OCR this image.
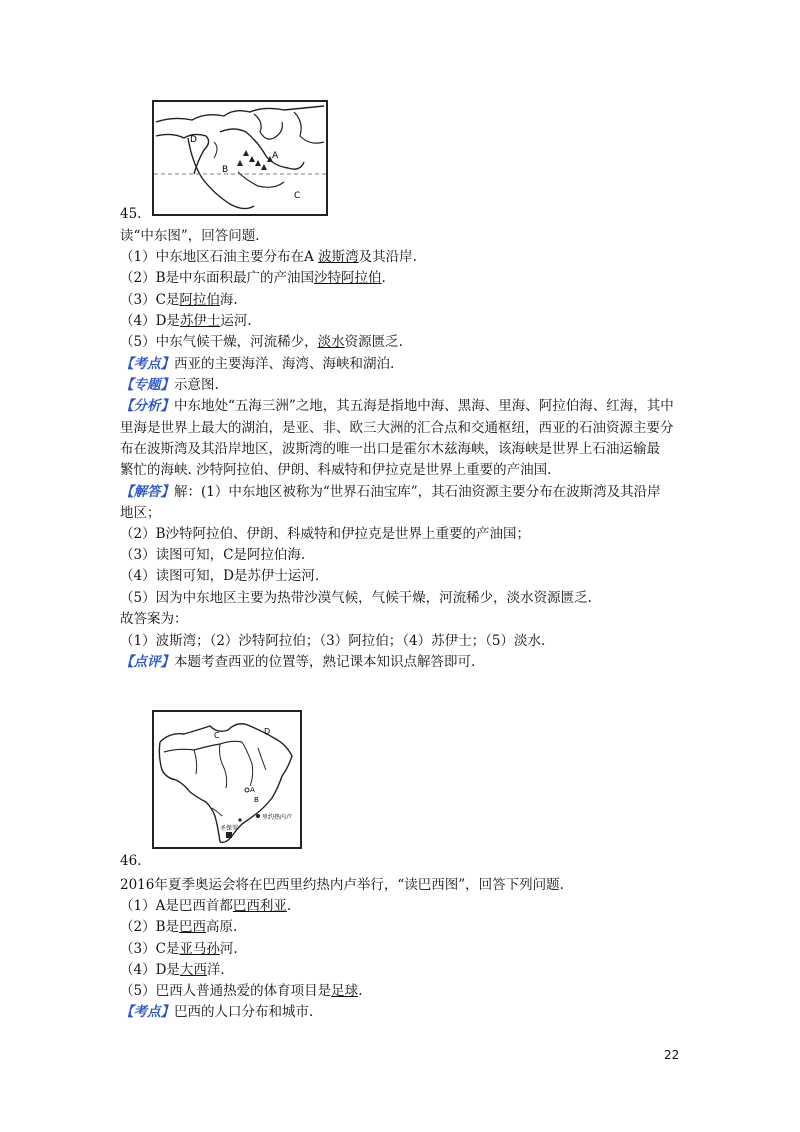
D
A
B
C
45.
读“中东图”，回答问题.
（1）中东地区石油主要分布在A 波斯湾及其沿岸.
（2）B是中东面积最广的产油国沙特阿拉伯.
（3）C是阿拉伯海.
（4）D是苏伊士运河.
（5）中东气候干燥，河流稀少，淡水资源匮乏.
【考点】西亚的主要海洋、海湾、海峡和湖泊.
【专题】示意图.
【分析】中东地处“五海三洲”之地，其五海是指地中海、黑海、里海、阿拉伯海、红海，其中
里海是世界上最大的湖泊，是亚、非、欧三大洲的汇合点和交通枢纽，西亚的石油资源主要分
布在波斯湾及其沿岸地区，波斯湾的唯一出口是霍尔木兹海峡，该海峡是世界上石油运输最
繁忙的海峡. 沙特阿拉伯、伊朗、科威特和伊拉克是世界上重要的产油国.
【解答】解：(1）中东地区被称为“世界石油宝库”，其石油资源主要分布在波斯湾及其沿岸
地区；
（2）B沙特阿拉伯、伊朗、科威特和伊拉克是世界上重要的产油国；
（3）读图可知，C是阿拉伯海.
（4）读图可知，D是苏伊士运河.
（5）因为中东地区主要为热带沙漠气候，气候干燥，河流稀少，淡水资源匮乏.
故答案为：
（1）波斯湾；（2）沙特阿拉伯；（3）阿拉伯；（4）苏伊士；（5）淡水.
【点评】本题考查西亚的位置等，熟记课本知识点解答即可.
C	D
A
B
里约热内卢
圣保罗
46.
2016年夏季奥运会将在巴西里约热内卢举行，“读巴西图”，回答下列问题.
（1）A是巴西首都巴西利亚.
（2）B是巴西高原.
（3）C是亚马孙河.
（4）D是大西洋.
（5）巴西人普通热爱的体育项目是足球.
【考点】巴西的人口分布和城市.
22
